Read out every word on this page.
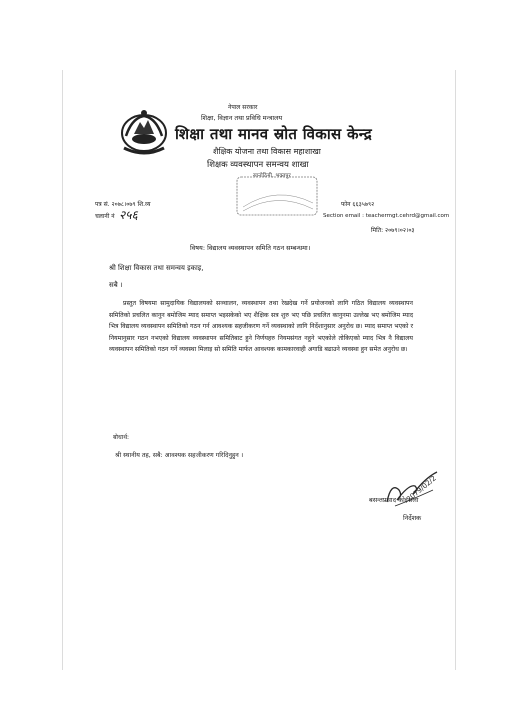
नेपाल सरकार
शिक्षा, विज्ञान तथा प्रविधि मन्त्रालय
शिक्षा तथा मानव स्रोत विकास केन्द्र
शैक्षिक योजना तथा विकास महाशाखा
शिक्षक व्यवस्थापन समन्वय शाखा
सानोठिमी, भक्तपुर
पत्र सं. २०७८।०७९ शि.व्य
चलानी नं २५६
फोन ६६३५७९२
Section email : teachermgt.cehrd@gmail.com
मिति: २०७९।०२।०३
विषय: विद्यालय व्यवस्थापन समिति गठन सम्बन्धमा।
श्री शिक्षा विकास तथा समन्वय इकाइ,
सबै ।
प्रस्तुत विषयमा सामुदायिक विद्यालयको सञ्चालन, व्यवस्थापन तथा रेखदेख गर्ने प्रयोजनको लागि गठित विद्यालय व्यवस्थापन समितिको प्रचलित कानुन बमोजिम म्याद समाप्त भइसकेको भए शैक्षिक सत्र शुरु भए पछि प्रचलित कानुनमा उल्लेख भए बमोजिम म्याद भित्र विद्यालय व्यवस्थापन समितिको गठन गर्न आवश्यक सहजीकरण गर्ने व्यवस्थाको लागि निर्देशानुसार अनुरोध छ। म्याद समाप्त भएको र नियमानुसार गठन नभएको विद्यालय व्यवस्थापन समितिबाट हुने निर्णयहरु नियमसंगत नहुने भएकोले तोकिएको म्याद भित्र नै विद्यालय व्यवस्थापन समितिको गठन गर्ने व्यवस्था मिलाइ सो समिति मार्फत आवश्यक कामकारवाही अगाडि बढाउने व्यवस्था हुन समेत अनुरोध छ।
बोधार्थ:
श्री स्थानीय तह, सबै: आवश्यक सहजीकरण गरिदिनुहुन ।
2079/02/2
बसन्तप्रसाद कोइराला
निर्देशक
